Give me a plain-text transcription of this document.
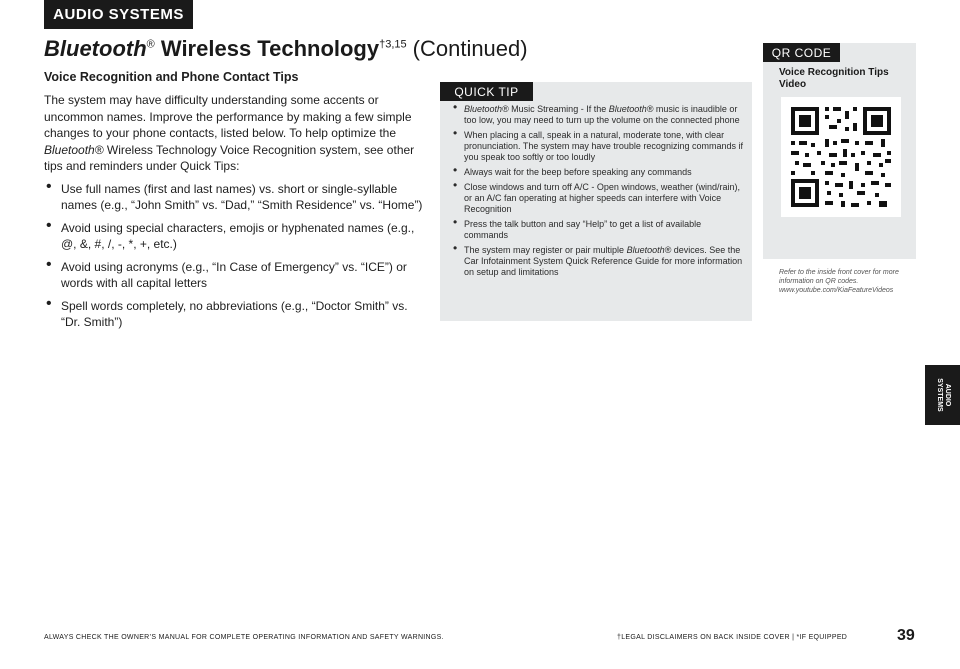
AUDIO SYSTEMS
Bluetooth® Wireless Technology$^{\dagger 3,15}$ (Continued)
Voice Recognition and Phone Contact Tips

The system may have difficulty understanding some accents or uncommon names. Improve the performance by making a few simple changes to your phone contacts, listed below. To help optimize the Bluetooth® Wireless Technology Voice Recognition system, see other tips and reminders under Quick Tips:

• Use full names (first and last names) vs. short or single-syllable names (e.g., “John Smith” vs. “Dad,” “Smith Residence” vs. “Home”)
• Avoid using special characters, emojis or hyphenated names (e.g., @, &, #, /, -, *, +, etc.)
• Avoid using acronyms (e.g., “In Case of Emergency” vs. “ICE”) or words with all capital letters
• Spell words completely, no abbreviations (e.g., “Doctor Smith” vs. “Dr. Smith”)
QUICK TIP
• Bluetooth® Music Streaming - If the Bluetooth® music is inaudible or too low, you may need to turn up the volume on the connected phone
• When placing a call, speak in a natural, moderate tone, with clear pronunciation. The system may have trouble recognizing commands if you speak too softly or too loudly
• Always wait for the beep before speaking any commands
• Close windows and turn off A/C - Open windows, weather (wind/rain), or an A/C fan operating at higher speeds can interfere with Voice Recognition
• Press the talk button and say “Help” to get a list of available commands
• The system may register or pair multiple Bluetooth® devices. See the Car Infotainment System Quick Reference Guide for more information on setup and limitations
QR CODE
Voice Recognition Tips Video
Refer to the inside front cover for more information on QR codes. www.youtube.com/KiaFeatureVideos
AUDIO SYSTEMS
ALWAYS CHECK THE OWNER’S MANUAL FOR COMPLETE OPERATING INFORMATION AND SAFETY WARNINGS.	†LEGAL DISCLAIMERS ON BACK INSIDE COVER | *IF EQUIPPED	39
